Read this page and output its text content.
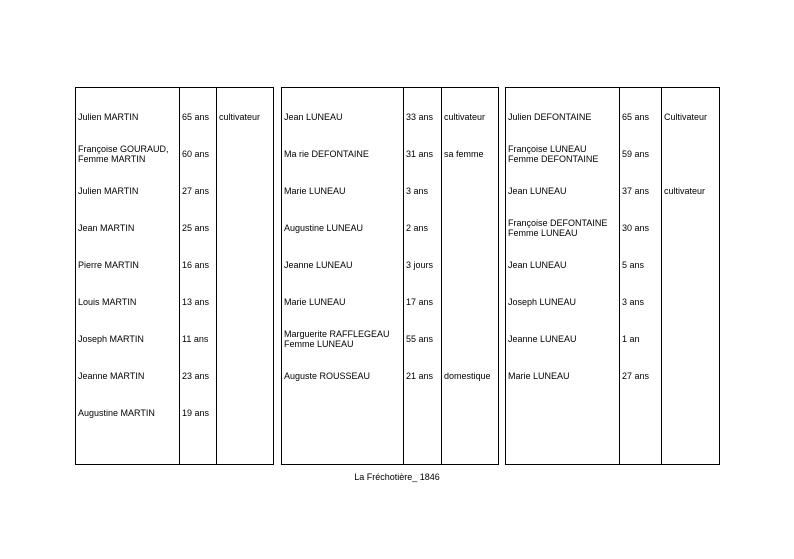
Julien MARTIN	65 ans	cultivateur
Françoise GOURAUD,
Femme MARTIN	60 ans	
Julien MARTIN	27 ans	
Jean MARTIN	25 ans	
Pierre MARTIN	16 ans	
Louis MARTIN	13 ans	
Joseph MARTIN	11 ans	
Jeanne MARTIN	23 ans	
Augustine MARTIN	19 ans	

Jean LUNEAU	33 ans	cultivateur
Ma rie DEFONTAINE	31 ans	sa femme
Marie LUNEAU	3 ans	
Augustine LUNEAU	2 ans	
Jeanne LUNEAU	3 jours	
Marie LUNEAU	17 ans	
Marguerite RAFFLEGEAU
Femme LUNEAU	55 ans	
Auguste ROUSSEAU	21 ans	domestique

Julien DEFONTAINE	65 ans	Cultivateur
Françoise LUNEAU
Femme DEFONTAINE	59 ans	
Jean LUNEAU	37 ans	cultivateur
Françoise DEFONTAINE
Femme LUNEAU	30 ans	
Jean LUNEAU	5 ans	
Joseph LUNEAU	3 ans	
Jeanne LUNEAU	1 an	
Marie LUNEAU	27 ans	

La Fréchotière_ 1846
